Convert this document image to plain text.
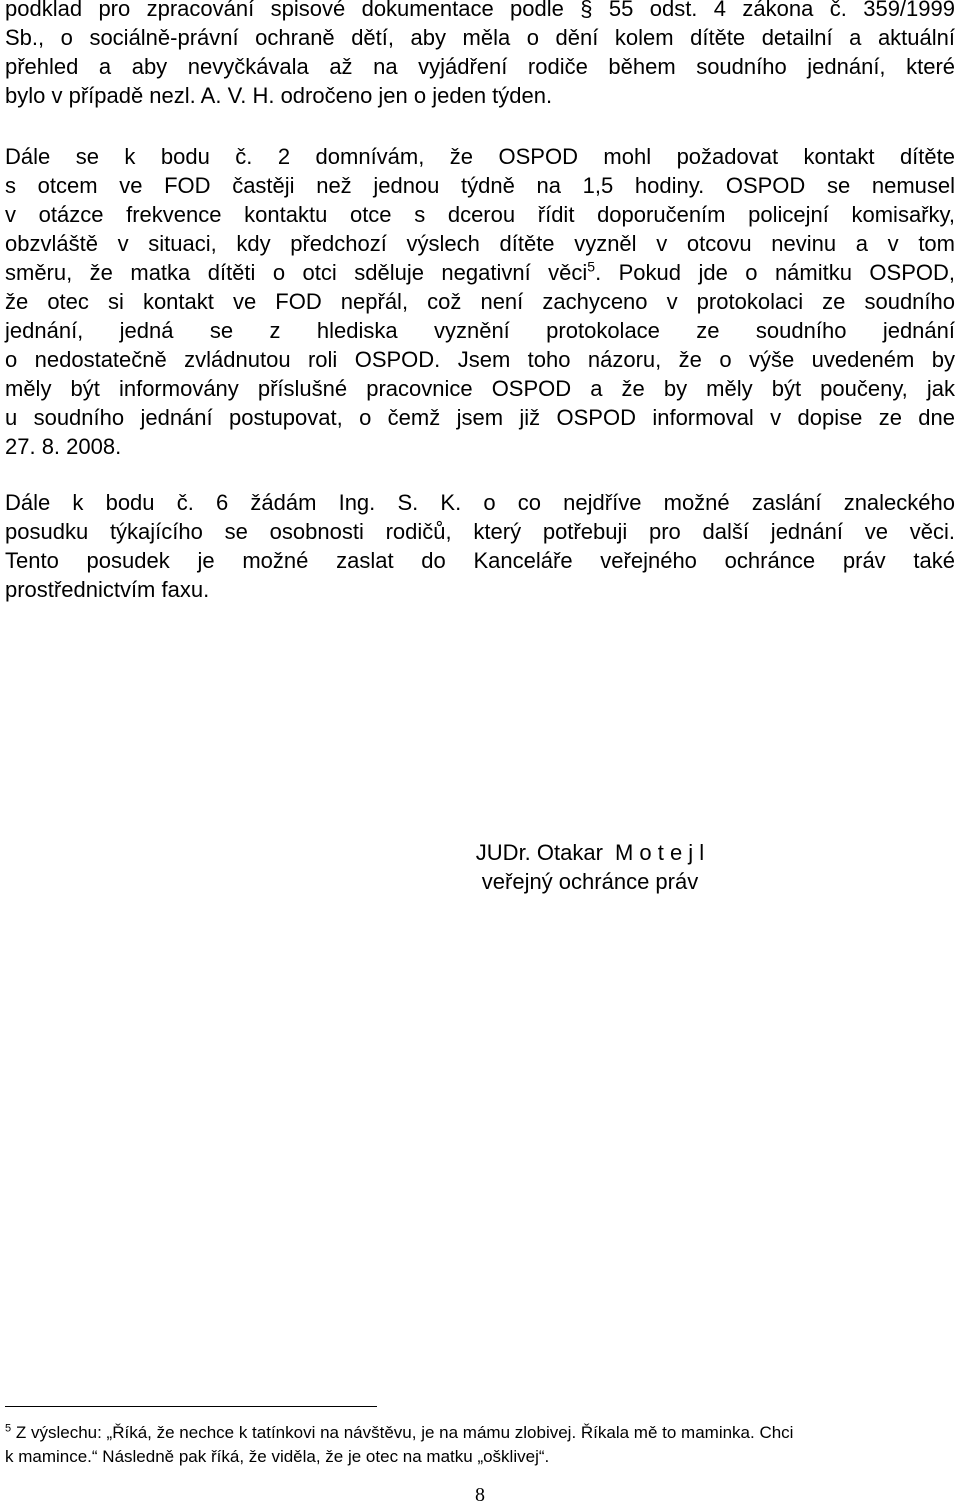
podklad pro zpracování spisové dokumentace podle § 55 odst. 4 zákona č. 359/1999
Sb., o sociálně-právní ochraně dětí, aby měla o dění kolem dítěte detailní a aktuální
přehled a aby nevyčkávala až na vyjádření rodiče během soudního jednání, které
bylo v případě nezl. A. V. H. odročeno jen o jeden týden.
Dále se k bodu č. 2 domnívám, že OSPOD mohl požadovat kontakt dítěte
s otcem ve FOD častěji než jednou týdně na 1,5 hodiny. OSPOD se nemusel
v otázce frekvence kontaktu otce s dcerou řídit doporučením policejní komisařky,
obzvláště v situaci, kdy předchozí výslech dítěte vyzněl v otcovu nevinu a v tom
směru, že matka dítěti o otci sděluje negativní věci$^5$. Pokud jde o námitku OSPOD,
že otec si kontakt ve FOD nepřál, což není zachyceno v protokolaci ze soudního
jednání, jedná se z hlediska vyznění protokolace ze soudního jednání
o nedostatečně zvládnutou roli OSPOD. Jsem toho názoru, že o výše uvedeném by
měly být informovány příslušné pracovnice OSPOD a že by měly být poučeny, jak
u soudního jednání postupovat, o čemž jsem již OSPOD informoval v dopise ze dne
27. 8. 2008.
Dále k bodu č. 6 žádám Ing. S. K. o co nejdříve možné zaslání znaleckého
posudku týkajícího se osobnosti rodičů, který potřebuji pro další jednání ve věci.
Tento posudek je možné zaslat do Kanceláře veřejného ochránce práv také
prostřednictvím faxu.
JUDr. Otakar M o t e j l
veřejný ochránce práv
$^5$ Z výslechu: „Říká, že nechce k tatínkovi na návštěvu, je na mámu zlobivej. Říkala mě to maminka. Chci
k mamince.“ Následně pak říká, že viděla, že je otec na matku „ošklivej“.
8
